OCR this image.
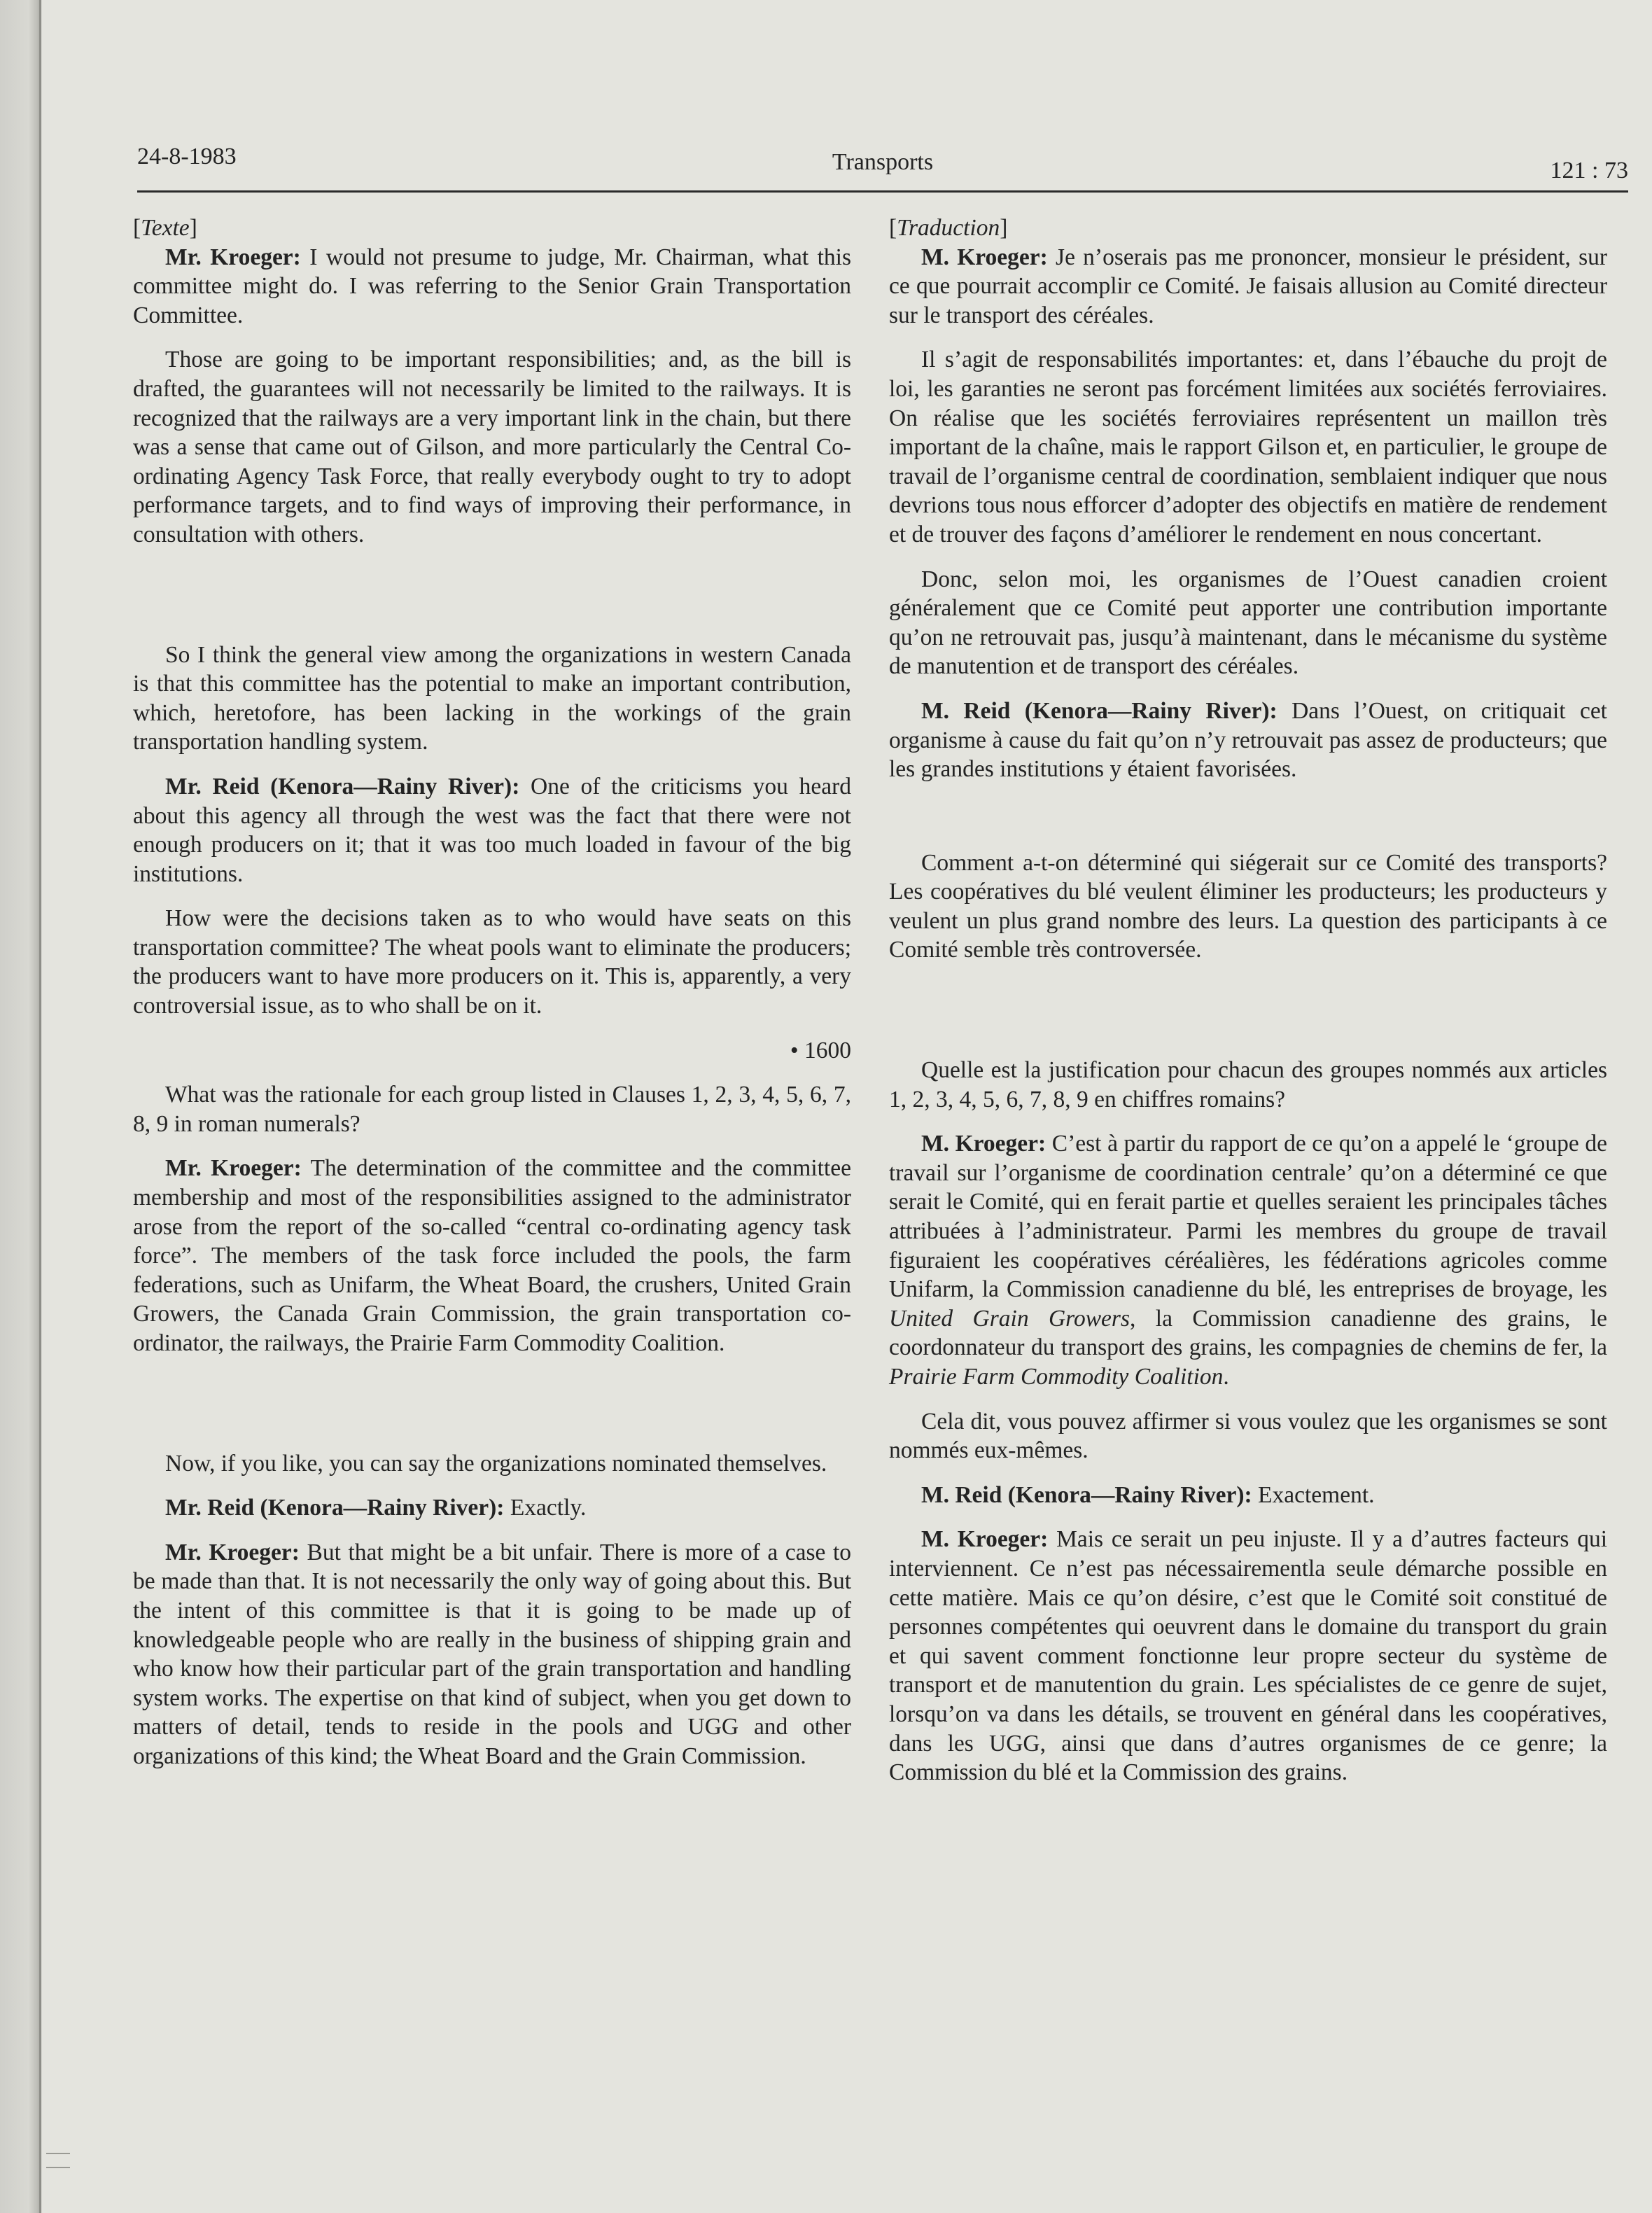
24-8-1983	Transports	121 : 73

[Texte]

Mr. Kroeger: I would not presume to judge, Mr. Chairman, what this committee might do. I was referring to the Senior Grain Transportation Committee.

Those are going to be important responsibilities; and, as the bill is drafted, the guarantees will not necessarily be limited to the railways. It is recognized that the railways are a very important link in the chain, but there was a sense that came out of Gilson, and more particularly the Central Co-ordinating Agency Task Force, that really everybody ought to try to adopt performance targets, and to find ways of improving their performance, in consultation with others.

So I think the general view among the organizations in western Canada is that this committee has the potential to make an important contribution, which, heretofore, has been lacking in the workings of the grain transportation handling system.

Mr. Reid (Kenora—Rainy River): One of the criticisms you heard about this agency all through the west was the fact that there were not enough producers on it; that it was too much loaded in favour of the big institutions.

How were the decisions taken as to who would have seats on this transportation committee? The wheat pools want to eliminate the producers; the producers want to have more producers on it. This is, apparently, a very controversial issue, as to who shall be on it.

• 1600

What was the rationale for each group listed in Clauses 1, 2, 3, 4, 5, 6, 7, 8, 9 in roman numerals?

Mr. Kroeger: The determination of the committee and the committee membership and most of the responsibilities assigned to the administrator arose from the report of the so-called “central co-ordinating agency task force”. The members of the task force included the pools, the farm federations, such as Unifarm, the Wheat Board, the crushers, United Grain Growers, the Canada Grain Commission, the grain transportation co-ordinator, the railways, the Prairie Farm Commodity Coalition.

Now, if you like, you can say the organizations nominated themselves.

Mr. Reid (Kenora—Rainy River): Exactly.

Mr. Kroeger: But that might be a bit unfair. There is more of a case to be made than that. It is not necessarily the only way of going about this. But the intent of this committee is that it is going to be made up of knowledgeable people who are really in the business of shipping grain and who know how their particular part of the grain transportation and handling system works. The expertise on that kind of subject, when you get down to matters of detail, tends to reside in the pools and UGG and other organizations of this kind; the Wheat Board and the Grain Commission.

[Traduction]

M. Kroeger: Je n’oserais pas me prononcer, monsieur le président, sur ce que pourrait accomplir ce Comité. Je faisais allusion au Comité directeur sur le transport des céréales.

Il s’agit de responsabilités importantes: et, dans l’ébauche du projt de loi, les garanties ne seront pas forcément limitées aux sociétés ferroviaires. On réalise que les sociétés ferroviaires représentent un maillon très important de la chaîne, mais le rapport Gilson et, en particulier, le groupe de travail de l’organisme central de coordination, semblaient indiquer que nous devrions tous nous efforcer d’adopter des objectifs en matière de rendement et de trouver des façons d’améliorer le rendement en nous concertant.

Donc, selon moi, les organismes de l’Ouest canadien croient généralement que ce Comité peut apporter une contribution importante qu’on ne retrouvait pas, jusqu’à maintenant, dans le mécanisme du système de manutention et de transport des céréales.

M. Reid (Kenora—Rainy River): Dans l’Ouest, on critiquait cet organisme à cause du fait qu’on n’y retrouvait pas assez de producteurs; que les grandes institutions y étaient favorisées.

Comment a-t-on déterminé qui siégerait sur ce Comité des transports? Les coopératives du blé veulent éliminer les producteurs; les producteurs y veulent un plus grand nombre des leurs. La question des participants à ce Comité semble très controversée.

Quelle est la justification pour chacun des groupes nommés aux articles 1, 2, 3, 4, 5, 6, 7, 8, 9 en chiffres romains?

M. Kroeger: C’est à partir du rapport de ce qu’on a appelé le ‘groupe de travail sur l’organisme de coordination centrale’ qu’on a déterminé ce que serait le Comité, qui en ferait partie et quelles seraient les principales tâches attribuées à l’administrateur. Parmi les membres du groupe de travail figuraient les coopératives céréalières, les fédérations agricoles comme Unifarm, la Commission canadienne du blé, les entreprises de broyage, les United Grain Growers, la Commission canadienne des grains, le coordonnateur du transport des grains, les compagnies de chemins de fer, la Prairie Farm Commodity Coalition.

Cela dit, vous pouvez affirmer si vous voulez que les organismes se sont nommés eux-mêmes.

M. Reid (Kenora—Rainy River): Exactement.

M. Kroeger: Mais ce serait un peu injuste. Il y a d’autres facteurs qui interviennent. Ce n’est pas nécessairementla seule démarche possible en cette matière. Mais ce qu’on désire, c’est que le Comité soit constitué de personnes compétentes qui oeuvrent dans le domaine du transport du grain et qui savent comment fonctionne leur propre secteur du système de transport et de manutention du grain. Les spécialistes de ce genre de sujet, lorsqu’on va dans les détails, se trouvent en général dans les coopératives, dans les UGG, ainsi que dans d’autres organismes de ce genre; la Commission du blé et la Commission des grains.
